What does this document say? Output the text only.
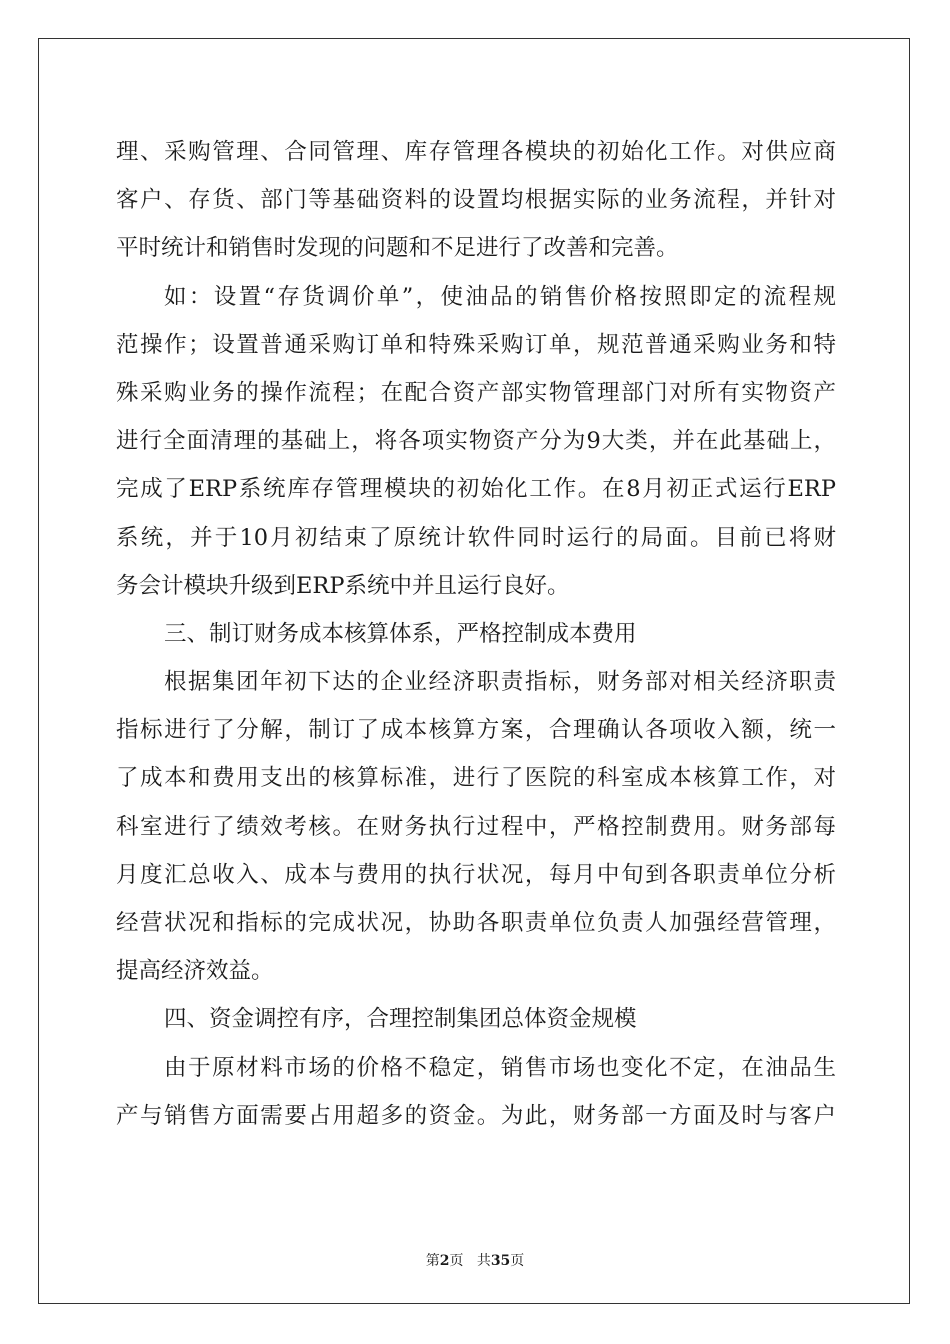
理、采购管理、合同管理、库存管理各模块的初始化工作。对供应商
客户、存货、部门等基础资料的设置均根据实际的业务流程，并针对
平时统计和销售时发现的问题和不足进行了改善和完善。
如：设置“存货调价单”，使油品的销售价格按照即定的流程规
范操作；设置普通采购订单和特殊采购订单，规范普通采购业务和特
殊采购业务的操作流程；在配合资产部实物管理部门对所有实物资产
进行全面清理的基础上，将各项实物资产分为9大类，并在此基础上，
完成了ERP系统库存管理模块的初始化工作。在8月初正式运行ERP
系统，并于10月初结束了原统计软件同时运行的局面。目前已将财
务会计模块升级到ERP系统中并且运行良好。
三、制订财务成本核算体系，严格控制成本费用
根据集团年初下达的企业经济职责指标，财务部对相关经济职责
指标进行了分解，制订了成本核算方案，合理确认各项收入额，统一
了成本和费用支出的核算标准，进行了医院的科室成本核算工作，对
科室进行了绩效考核。在财务执行过程中，严格控制费用。财务部每
月度汇总收入、成本与费用的执行状况，每月中旬到各职责单位分析
经营状况和指标的完成状况，协助各职责单位负责人加强经营管理，
提高经济效益。
四、资金调控有序，合理控制集团总体资金规模
由于原材料市场的价格不稳定，销售市场也变化不定，在油品生
产与销售方面需要占用超多的资金。为此，财务部一方面及时与客户
第2页 共35页
